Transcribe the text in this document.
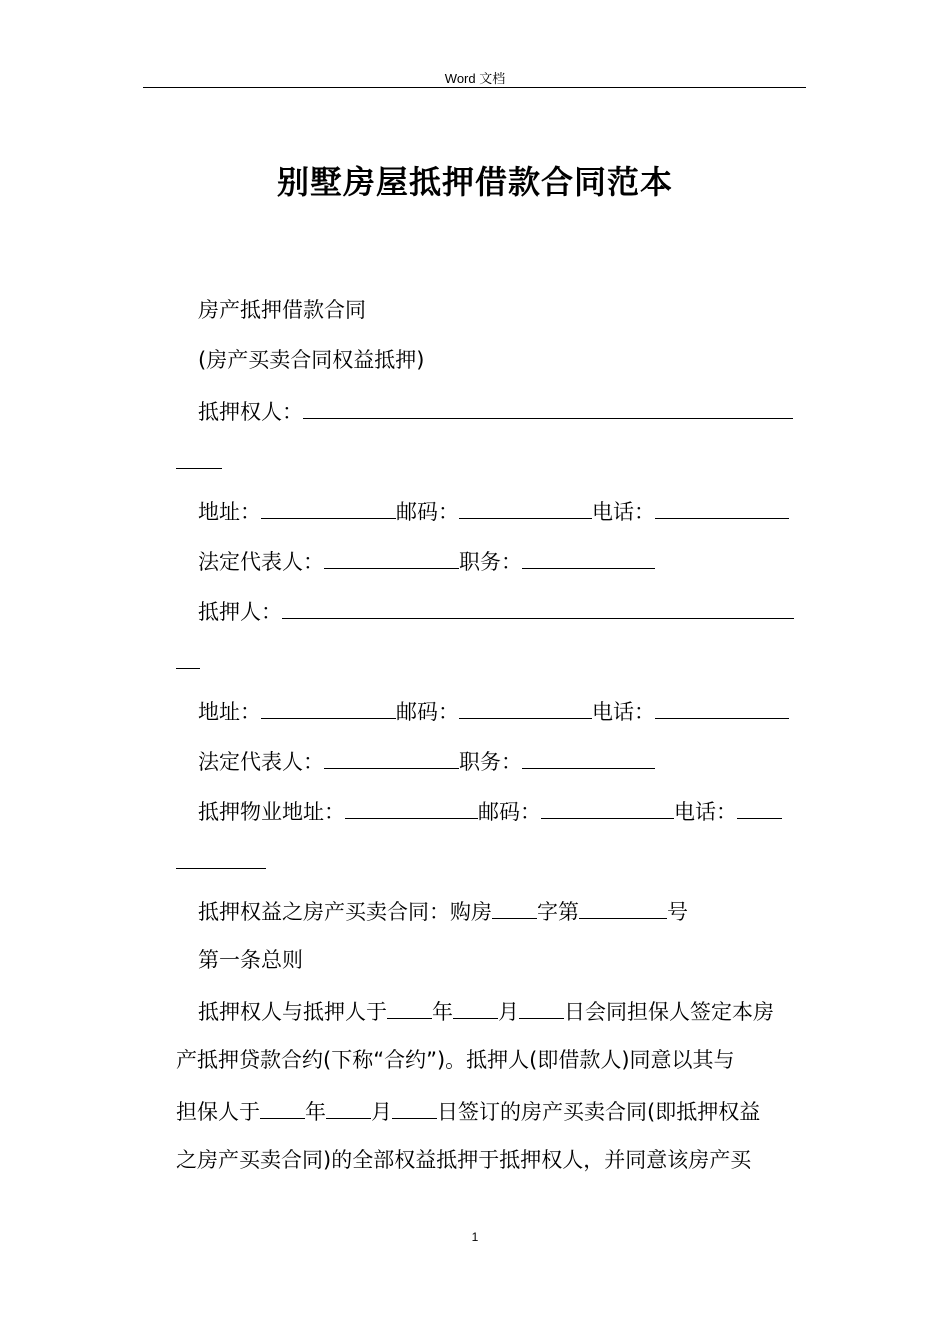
Word 文档
别墅房屋抵押借款合同范本
房产抵押借款合同
(房产买卖合同权益抵押)
抵押权人：
地址：	邮码：	电话：
法定代表人：	职务：
抵押人：
地址：	邮码：	电话：
法定代表人：	职务：
抵押物业地址：	邮码：	电话：
抵押权益之房产买卖合同：购房 字第	号
第一条总则
抵押权人与抵押人于 年 月 日会同担保人签定本房
产抵押贷款合约(下称“合约”)。抵押人(即借款人)同意以其与
担保人于 年 月 日签订的房产买卖合同(即抵押权益
之房产买卖合同)的全部权益抵押于抵押权人，并同意该房产买
1
